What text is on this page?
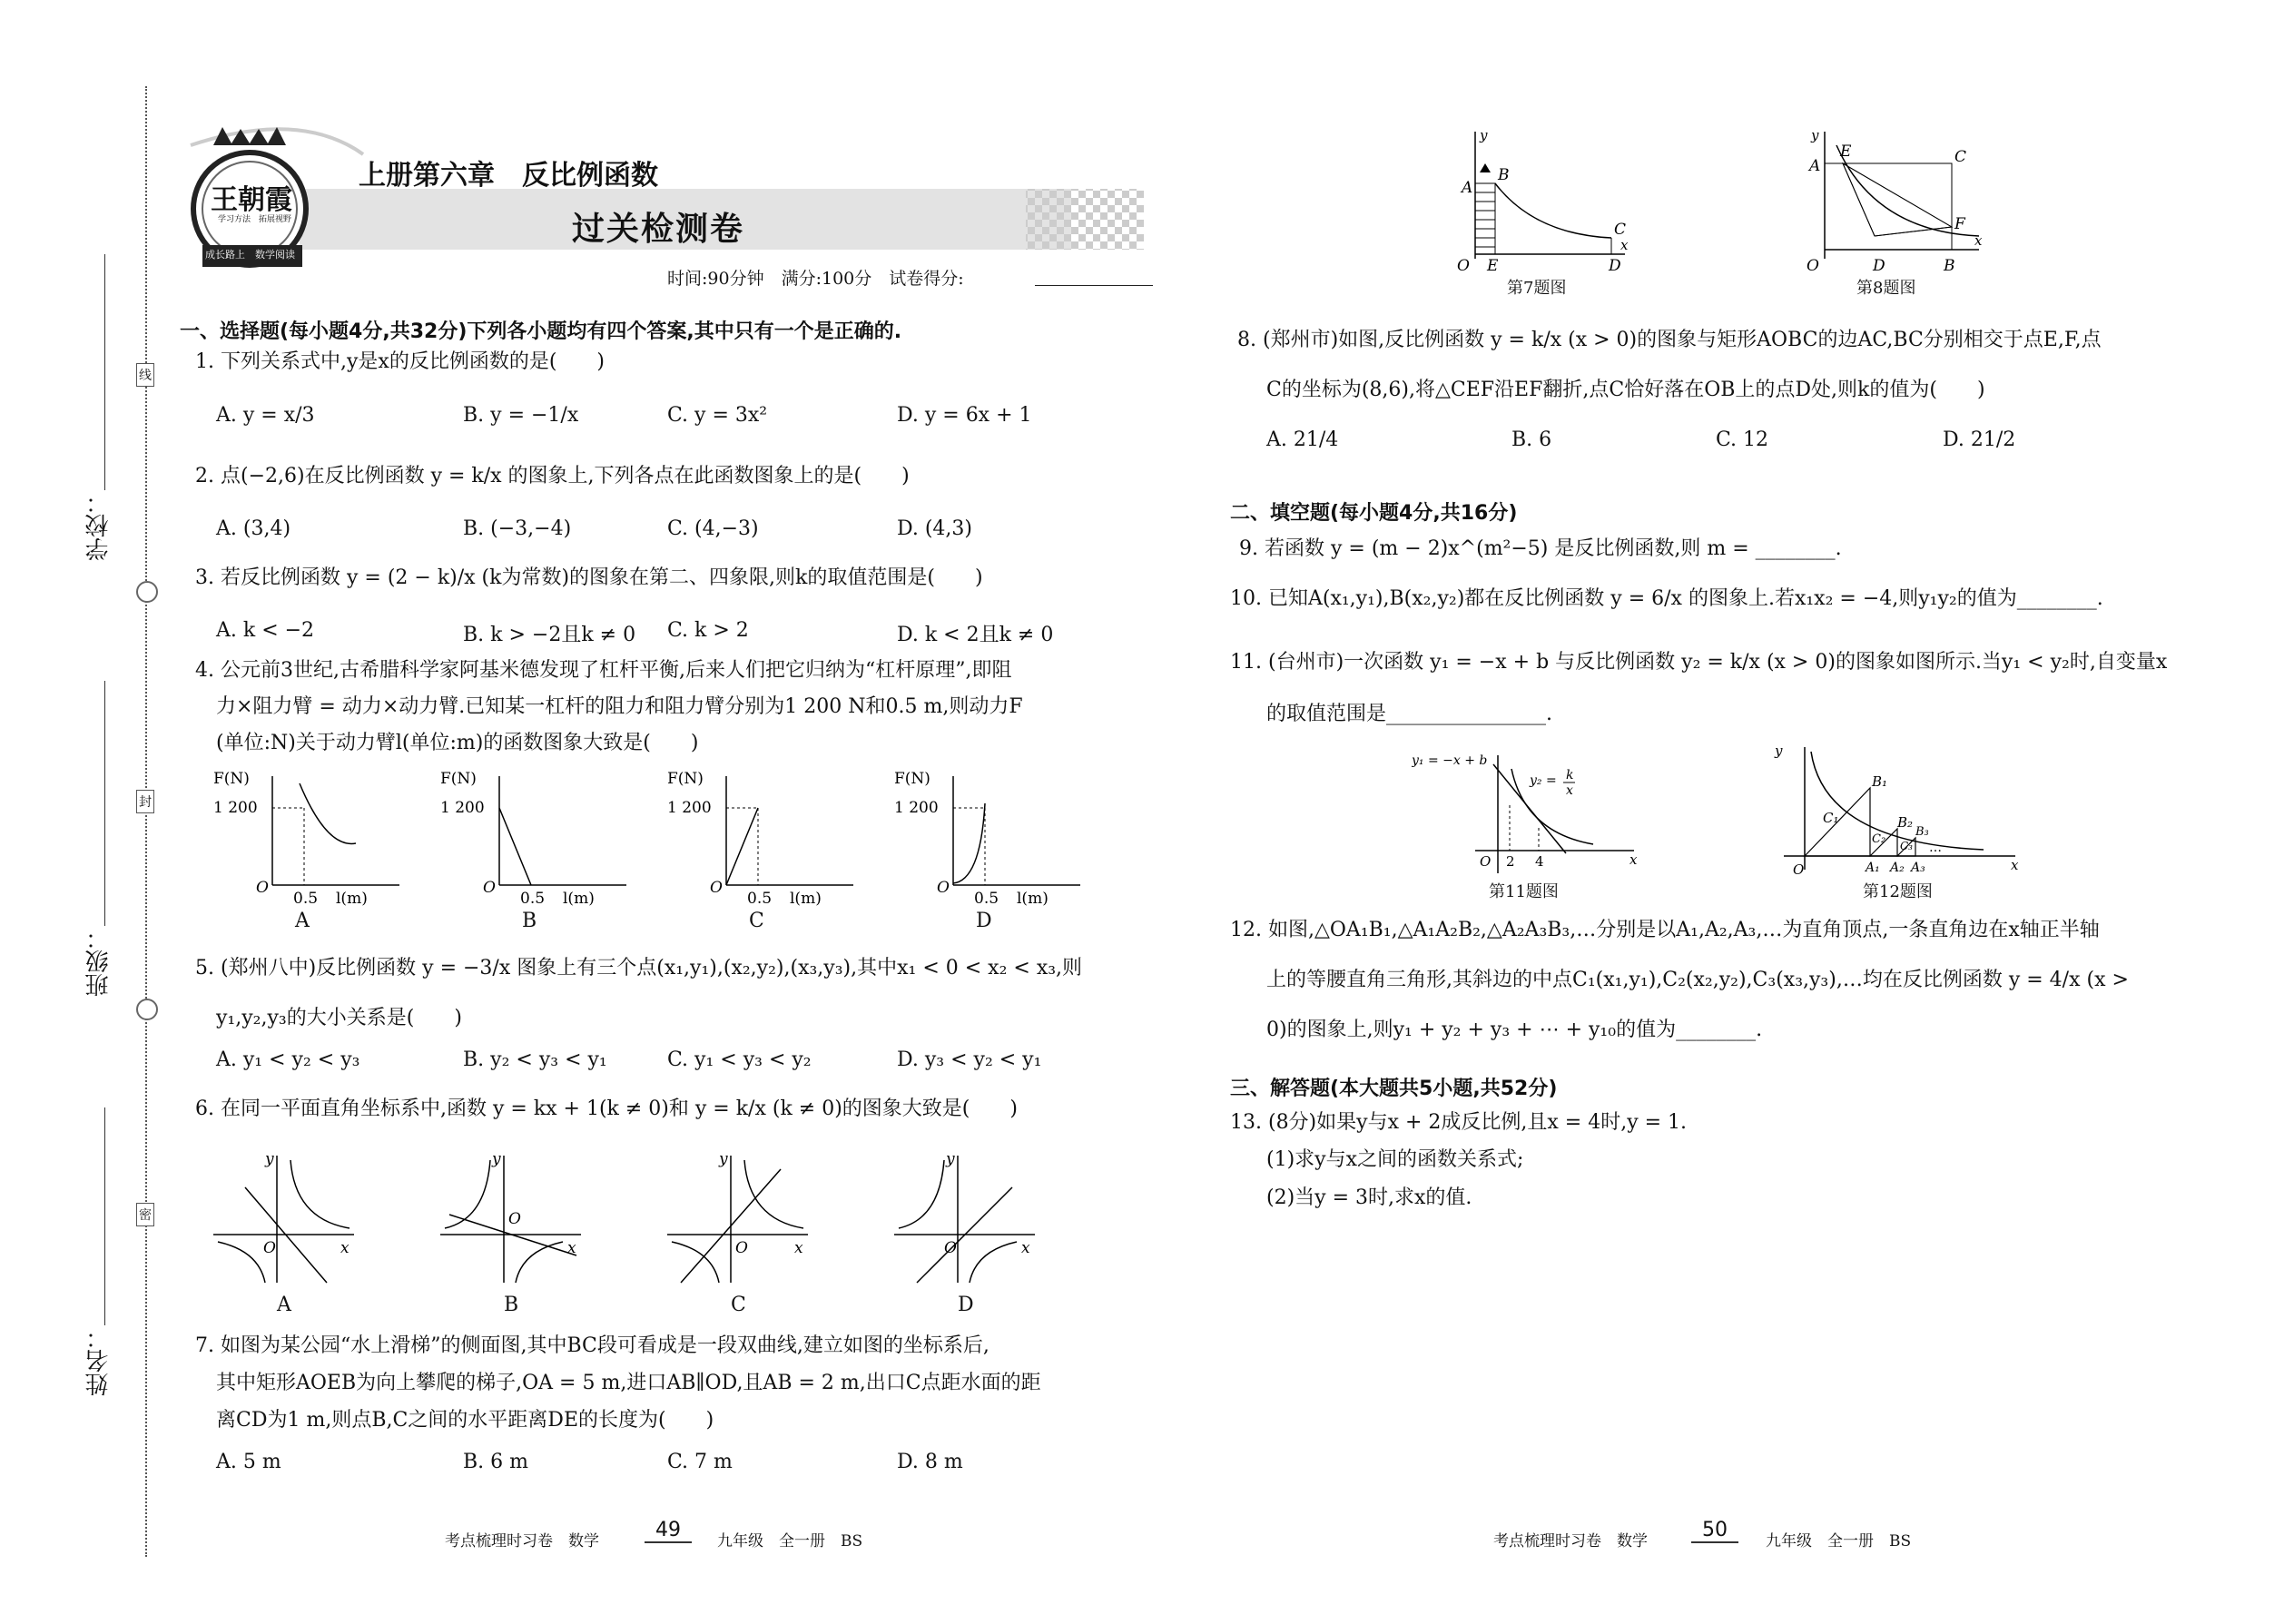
学校：
班级：
姓名：
线
封
密
王朝霞
学习方法　拓展视野
成长路上　数学阅读
上册第六章　反比例函数
过关检测卷
时间:90分钟　满分:100分　试卷得分:
一、选择题(每小题4分,共32分)下列各小题均有四个答案,其中只有一个是正确的.
1. 下列关系式中,y是x的反比例函数的是(　　)
A. y = x/3	B. y = −1/x	C. y = 3x²	D. y = 6x + 1
2. 点(−2,6)在反比例函数 y = k/x 的图象上,下列各点在此函数图象上的是(　　)
A. (3,4)	B. (−3,−4)	C. (4,−3)	D. (4,3)
3. 若反比例函数 y = (2 − k)/x (k为常数)的图象在第二、四象限,则k的取值范围是(　　)
A. k < −2	B. k > −2且k ≠ 0 C. k > 2	D. k < 2且k ≠ 0
4. 公元前3世纪,古希腊科学家阿基米德发现了杠杆平衡,后来人们把它归纳为“杠杆原理”,即阻
力×阻力臂 = 动力×动力臂.已知某一杠杆的阻力和阻力臂分别为1 200 N和0.5 m,则动力F
(单位:N)关于动力臂l(单位:m)的函数图象大致是(　　)
F(N)
1 200
O
0.5 l(m)
F(N)
1 200
O
0.5 l(m)
F(N)
1 200
O
0.5 l(m)
F(N)
1 200
O
0.5 l(m)
A	B	C	D
5. (郑州八中)反比例函数 y = −3/x 图象上有三个点(x₁,y₁),(x₂,y₂),(x₃,y₃),其中x₁ < 0 < x₂ < x₃,则
y₁,y₂,y₃的大小关系是(　　)
A. y₁ < y₂ < y₃	B. y₂ < y₃ < y₁	C. y₁ < y₃ < y₂	D. y₃ < y₂ < y₁
6. 在同一平面直角坐标系中,函数 y = kx + 1(k ≠ 0)和 y = k/x (k ≠ 0)的图象大致是(　　)
O	x
y
O
x
y
O	x
y
O	x
y
A	B	C	D
7. 如图为某公园“水上滑梯”的侧面图,其中BC段可看成是一段双曲线,建立如图的坐标系后,
其中矩形AOEB为向上攀爬的梯子,OA = 5 m,进口AB∥OD,且AB = 2 m,出口C点距水面的距
离CD为1 m,则点B,C之间的水平距离DE的长度为(　　)
A. 5 m	B. 6 m	C. 7 m	D. 8 m
考点梳理时习卷　数学	49	九年级　全一册　BS
A
B
C
D
O E
x
y
第7题图
A
E	C
F
O	D	B
x
y
第8题图
8. (郑州市)如图,反比例函数 y = k/x (x > 0)的图象与矩形AOBC的边AC,BC分别相交于点E,F,点
C的坐标为(8,6),将△CEF沿EF翻折,点C恰好落在OB上的点D处,则k的值为(　　)
A. 21/4	B. 6	C. 12	D. 21/2
二、填空题(每小题4分,共16分)
9. 若函数 y = (m − 2)x^(m²−5) 是反比例函数,则 m = ________.
10. 已知A(x₁,y₁),B(x₂,y₂)都在反比例函数 y = 6/x 的图象上.若x₁x₂ = −4,则y₁y₂的值为________.
11. (台州市)一次函数 y₁ = −x + b 与反比例函数 y₂ = k/x (x > 0)的图象如图所示.当y₁ < y₂时,自变量x
的取值范围是________________.
y₁ = −x + b
y₂ = k
x
O 2 4	x
第11题图
y
O
B₁
C₁	B₂
C₂
B₃
C₃
A₁ A₂ A₃
…
x
第12题图
12. 如图,△OA₁B₁,△A₁A₂B₂,△A₂A₃B₃,…分别是以A₁,A₂,A₃,…为直角顶点,一条直角边在x轴正半轴
上的等腰直角三角形,其斜边的中点C₁(x₁,y₁),C₂(x₂,y₂),C₃(x₃,y₃),…均在反比例函数 y = 4/x (x >
0)的图象上,则y₁ + y₂ + y₃ + ⋯ + y₁₀的值为________.
三、解答题(本大题共5小题,共52分)
13. (8分)如果y与x + 2成反比例,且x = 4时,y = 1.
(1)求y与x之间的函数关系式;
(2)当y = 3时,求x的值.
考点梳理时习卷　数学	50	九年级　全一册　BS
